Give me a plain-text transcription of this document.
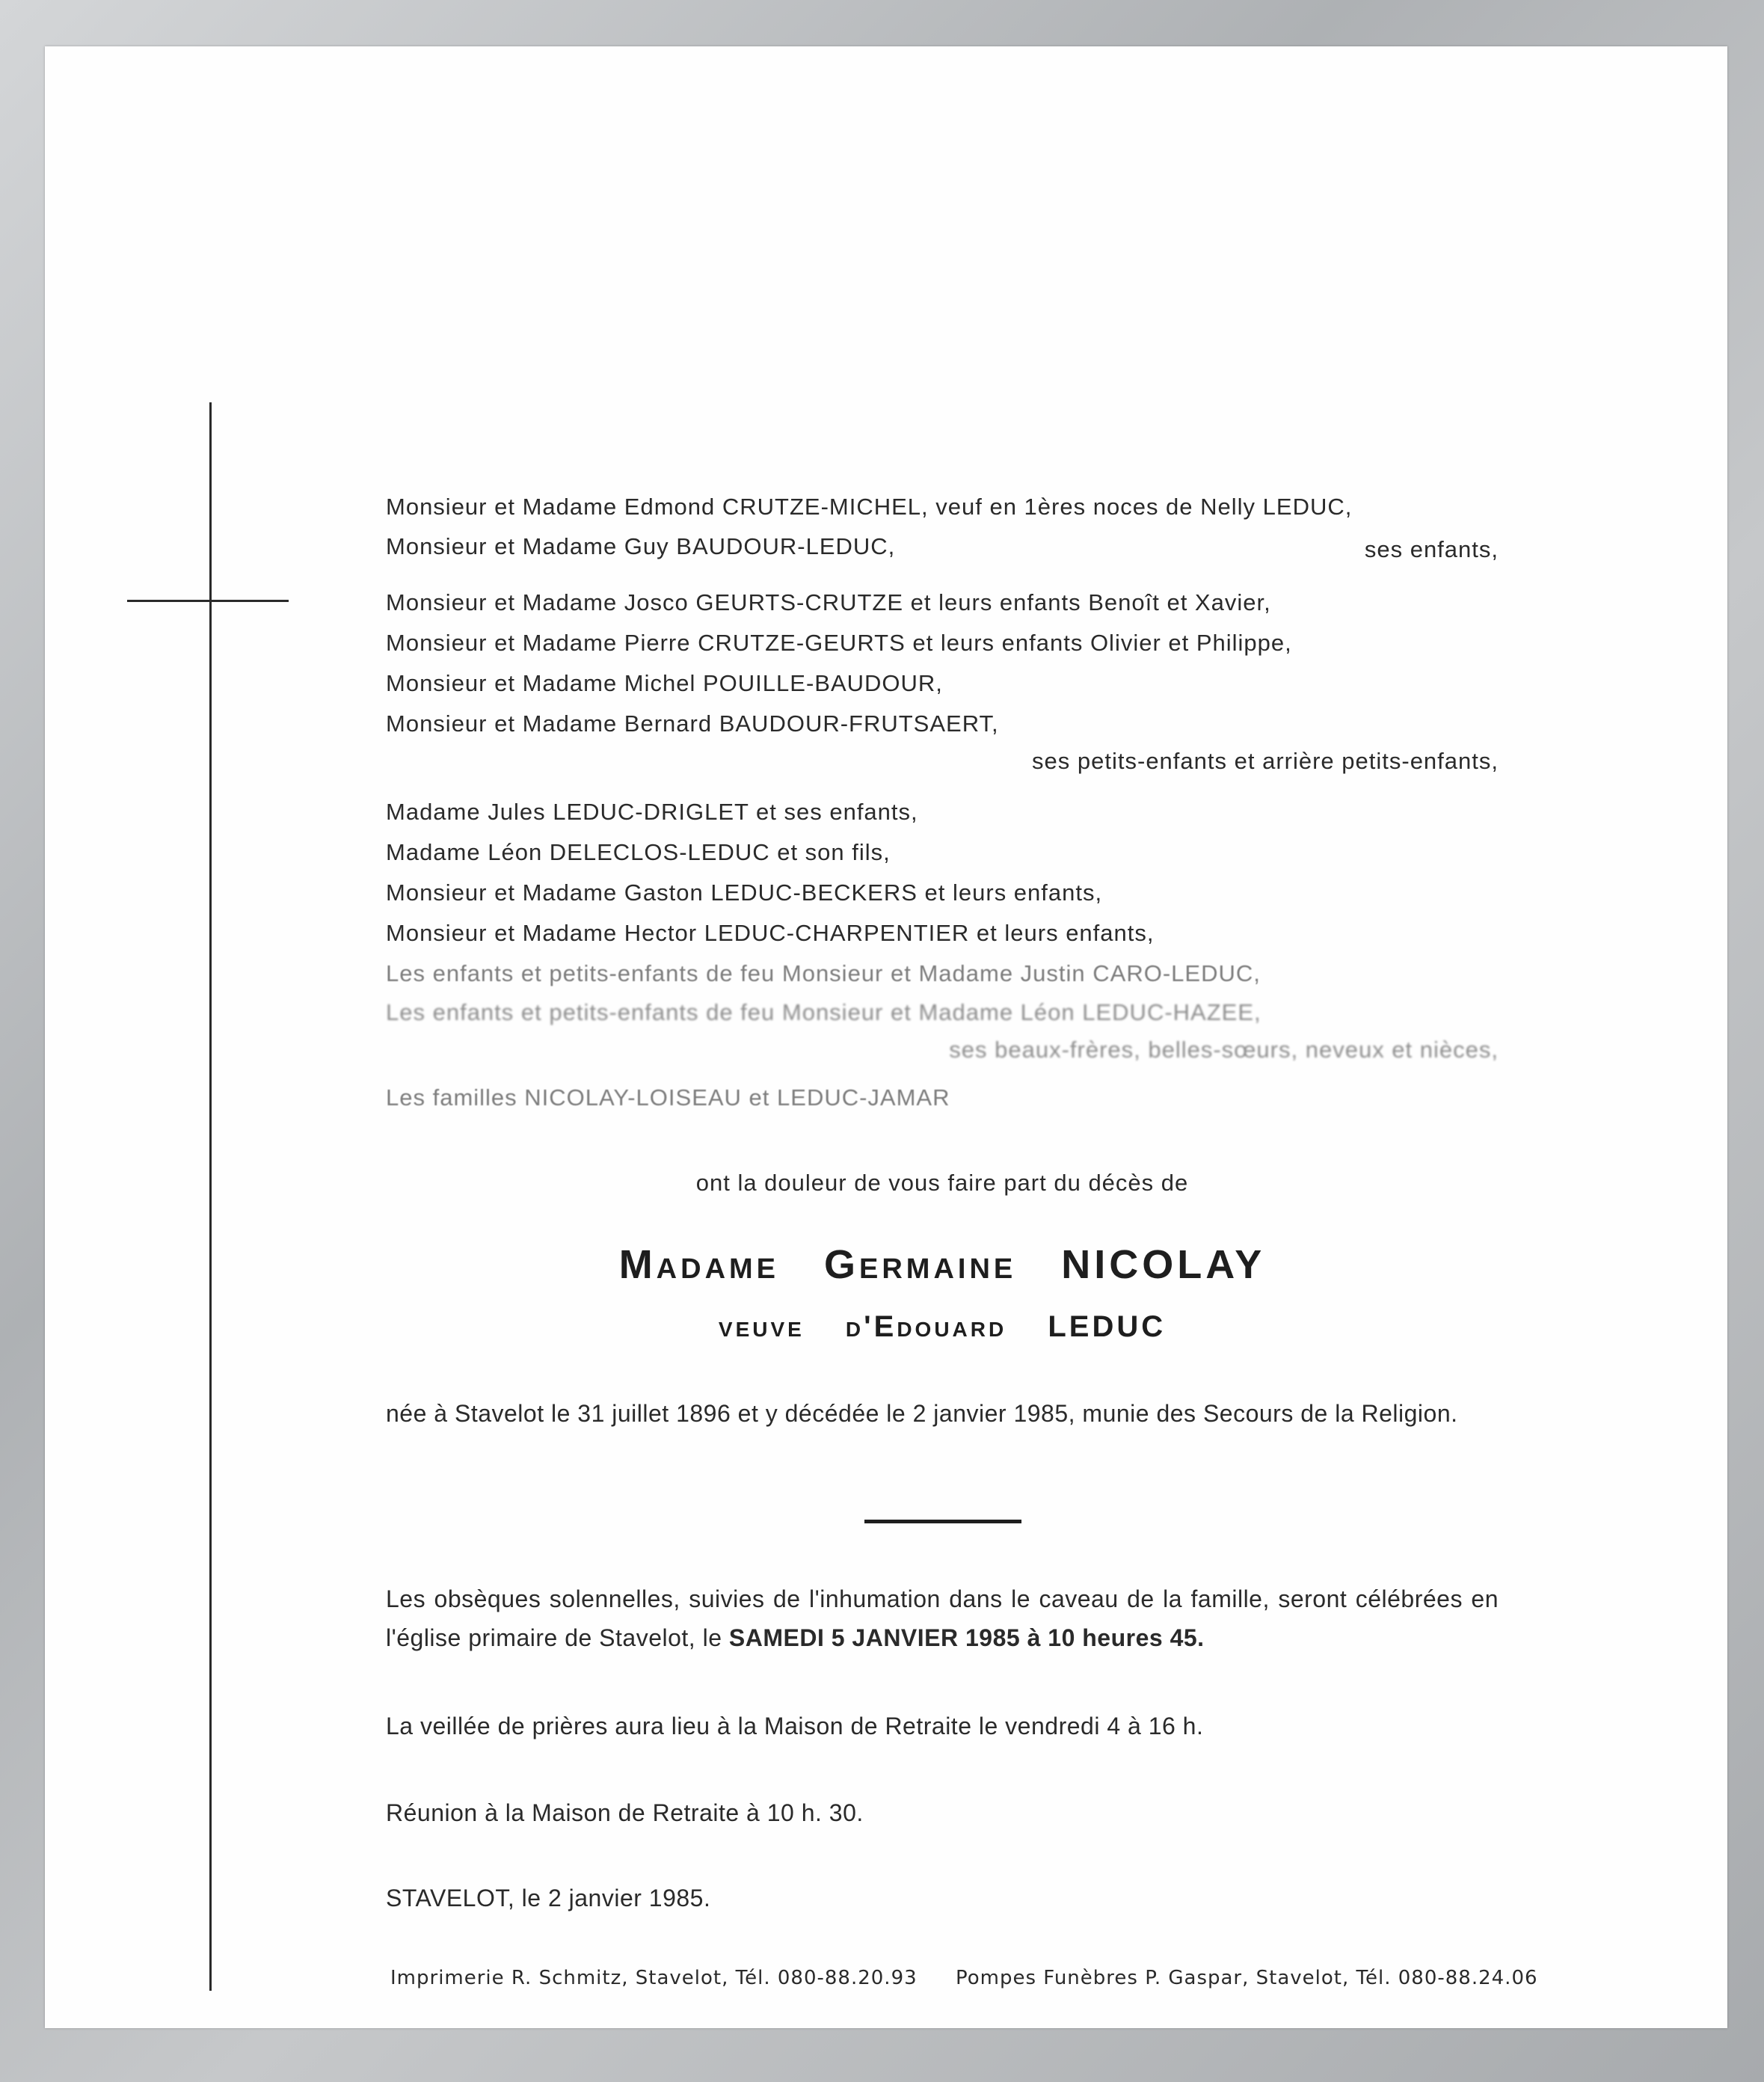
Monsieur et Madame Edmond CRUTZE-MICHEL, veuf en 1ères noces de Nelly LEDUC,
Monsieur et Madame Guy BAUDOUR-LEDUC,	ses enfants,
Monsieur et Madame Josco GEURTS-CRUTZE et leurs enfants Benoît et Xavier,
Monsieur et Madame Pierre CRUTZE-GEURTS et leurs enfants Olivier et Philippe,
Monsieur et Madame Michel POUILLE-BAUDOUR,
Monsieur et Madame Bernard BAUDOUR-FRUTSAERT,
ses petits-enfants et arrière petits-enfants,
Madame Jules LEDUC-DRIGLET et ses enfants,
Madame Léon DELECLOS-LEDUC et son fils,
Monsieur et Madame Gaston LEDUC-BECKERS et leurs enfants,
Monsieur et Madame Hector LEDUC-CHARPENTIER et leurs enfants,
Les enfants et petits-enfants de feu Monsieur et Madame Justin CARO-LEDUC,
Les enfants et petits-enfants de feu Monsieur et Madame Léon LEDUC-HAZEE,
ses beaux-frères, belles-sœurs, neveux et nièces,
Les familles NICOLAY-LOISEAU et LEDUC-JAMAR
ont la douleur de vous faire part du décès de
Madame Germaine NICOLAY
veuve d'Edouard LEDUC
née à Stavelot le 31 juillet 1896 et y décédée le 2 janvier 1985, munie des Secours de la Religion.
Les obsèques solennelles, suivies de l'inhumation dans le caveau de la famille, seront célébrées en l'église primaire de Stavelot, le SAMEDI 5 JANVIER 1985 à 10 heures 45.
La veillée de prières aura lieu à la Maison de Retraite le vendredi 4 à 16 h.
Réunion à la Maison de Retraite à 10 h. 30.
STAVELOT, le 2 janvier 1985.
Imprimerie R. Schmitz, Stavelot, Tél. 080-88.20.93 Pompes Funèbres P. Gaspar, Stavelot, Tél. 080-88.24.06
